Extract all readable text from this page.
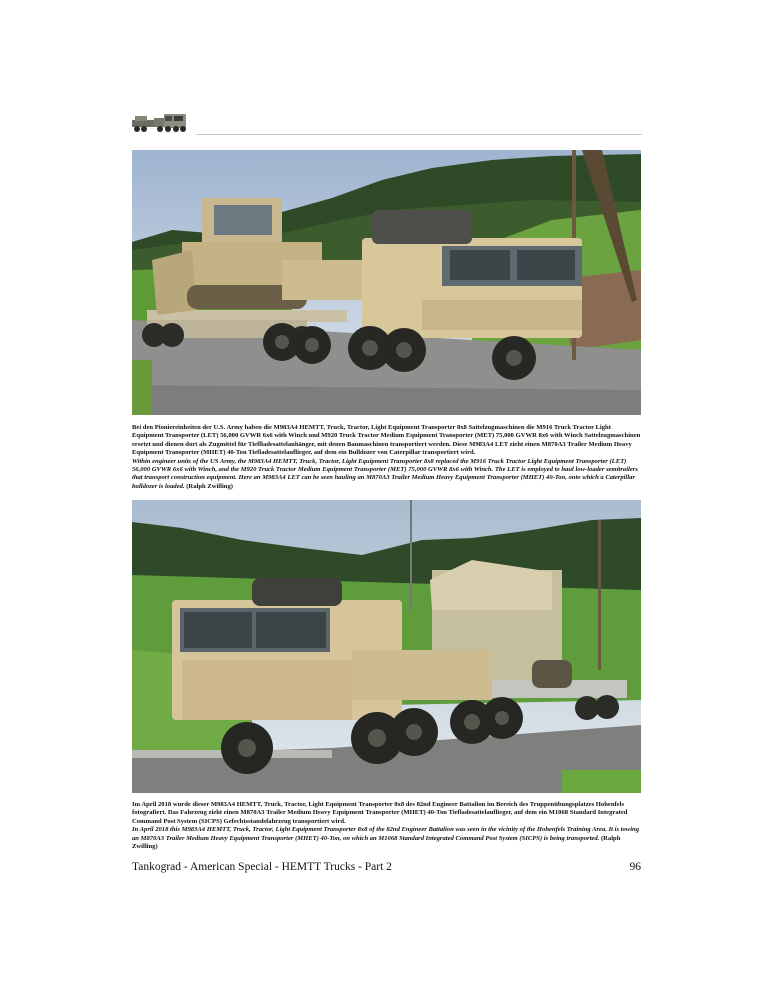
Bei den Pioniereinheiten der U.S. Army haben die M983A4 HEMTT, Truck, Tractor, Light Equipment Transporter 8x8 Sattelzugmaschinen die M916 Truck Tractor Light Equipment Transporter (LET) 56,000 GVWR 6x6 with Winch und M920 Truck Tractor Medium Equipment Transporter (MET) 75,000 GVWR 8x6 with Winch Sattelzugmaschinen ersetzt und dienen dort als Zugmittel für Tieflladesattelanhänger, mit denen Baumaschinen transportiert werden. Diese M983A4 LET zieht einen M870A3 Trailer Medium Heavy Equipment Transporter (MHET) 40-Ton Tiefladesattelauflieger, auf dem ein Bulldozer von Caterpillar transportiert wird.

Within engineer units of the US Army, the M983A4 HEMTT, Truck, Tractor, Light Equipment Transporter 8x8 replaced the M916 Truck Tractor Light Equipment Transporter (LET) 56,000 GVWR 6x6 with Winch, and the M920 Truck Tractor Medium Equipment Transporter (MET) 75,000 GVWR 8x6 with Winch. The LET is employed to haul low-loader semitrailers that transport construction equipment. Here an M983A4 LET can be seen hauling an M870A3 Trailer Medium Heavy Equipment Transporter (MHET) 40-Ton, onto which a Caterpillar bulldozer is loaded. (Ralph Zwilling)

Im April 2018 wurde dieser M983A4 HEMTT, Truck, Tractor, Light Equipment Transporter 8x8 des 82nd Engineer Battalion im Bereich des Truppenübungsplatzes Hohenfels fotografiert. Das Fahrzeug zieht einen M870A3 Trailer Medium Heavy Equipment Transporter (MHET) 40-Ton Tiefladesattelauflieger, auf dem ein M1068 Standard Integrated Command Post System (SICPS) Gefechtsstandsfahrzeug transportiert wird.

In April 2018 this M983A4 HEMTT, Truck, Tractor, Light Equipment Transporter 8x8 of the 82nd Engineer Battalion was seen in the vicinity of the Hohenfels Training Area. It is towing an M870A3 Trailer Medium Heavy Equipment Transporter (MHET) 40-Ton, on which an M1068 Standard Integrated Command Post System (SICPS) is being transported. (Ralph Zwilling)

Tankograd - American Special - HEMTT Trucks - Part 2	96
